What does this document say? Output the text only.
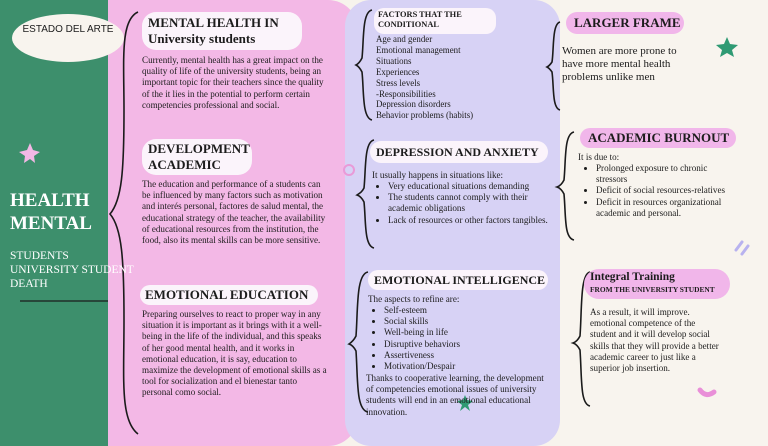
ESTADO DEL ARTE
HEALTH MENTAL
STUDENTS UNIVERSITY STUDENT DEATH
MENTAL HEALTH IN University students
Currently, mental health has a great impact on the quality of life of the university students, being an important topic for their teachers since the quality of the it lies in the potential to perform certain competencies professional and social.
DEVELOPMENT ACADEMIC
The education and performance of a students can be influenced by many factors such as motivation and interés personal, factores de salud mental, the educational strategy of the teacher, the availability of educational resources from the institution, the food, also its mental skills can be more sensitive.
EMOTIONAL EDUCATION
Preparing ourselves to react to proper way in any situation it is important as it brings with it a well-being in the life of the individual, and this speaks of her good mental health, and it works in emotional education, it is say, education to maximize the development of emotional skills as a tool for socialization and el bienestar tanto personal como social.
FACTORS THAT THE CONDITIONAL
Age and gender
Emotional management
Situations
Experiences
Stress levels
-Responsibilities
Depression disorders
Behavior problems (habits)
DEPRESSION AND ANXIETY
It usually happens in situations like:
• Very educational situations demanding
• The students cannot comply with their academic obligations
• Lack of resources or other factors tangibles.
EMOTIONAL INTELLIGENCE
The aspects to refine are:
• Self-esteem
• Social skills
• Well-being in life
• Disruptive behaviors
• Assertiveness
• Motivation/Despair
Thanks to cooperative learning, the development of competencies emotional issues of university students will end in an emotional educational innovation.
LARGER FRAME
Women are more prone to have more mental health problems unlike men
ACADEMIC BURNOUT
It is due to:
• Prolonged exposure to chronic stressors
• Deficit of social resources-relatives
• Deficit in resources organizational academic and personal.
Integral Training
FROM THE UNIVERSITY STUDENT
As a result, it will improve. emotional competence of the student and it will develop social skills that they will provide a better academic career to just like a superior job insertion.
